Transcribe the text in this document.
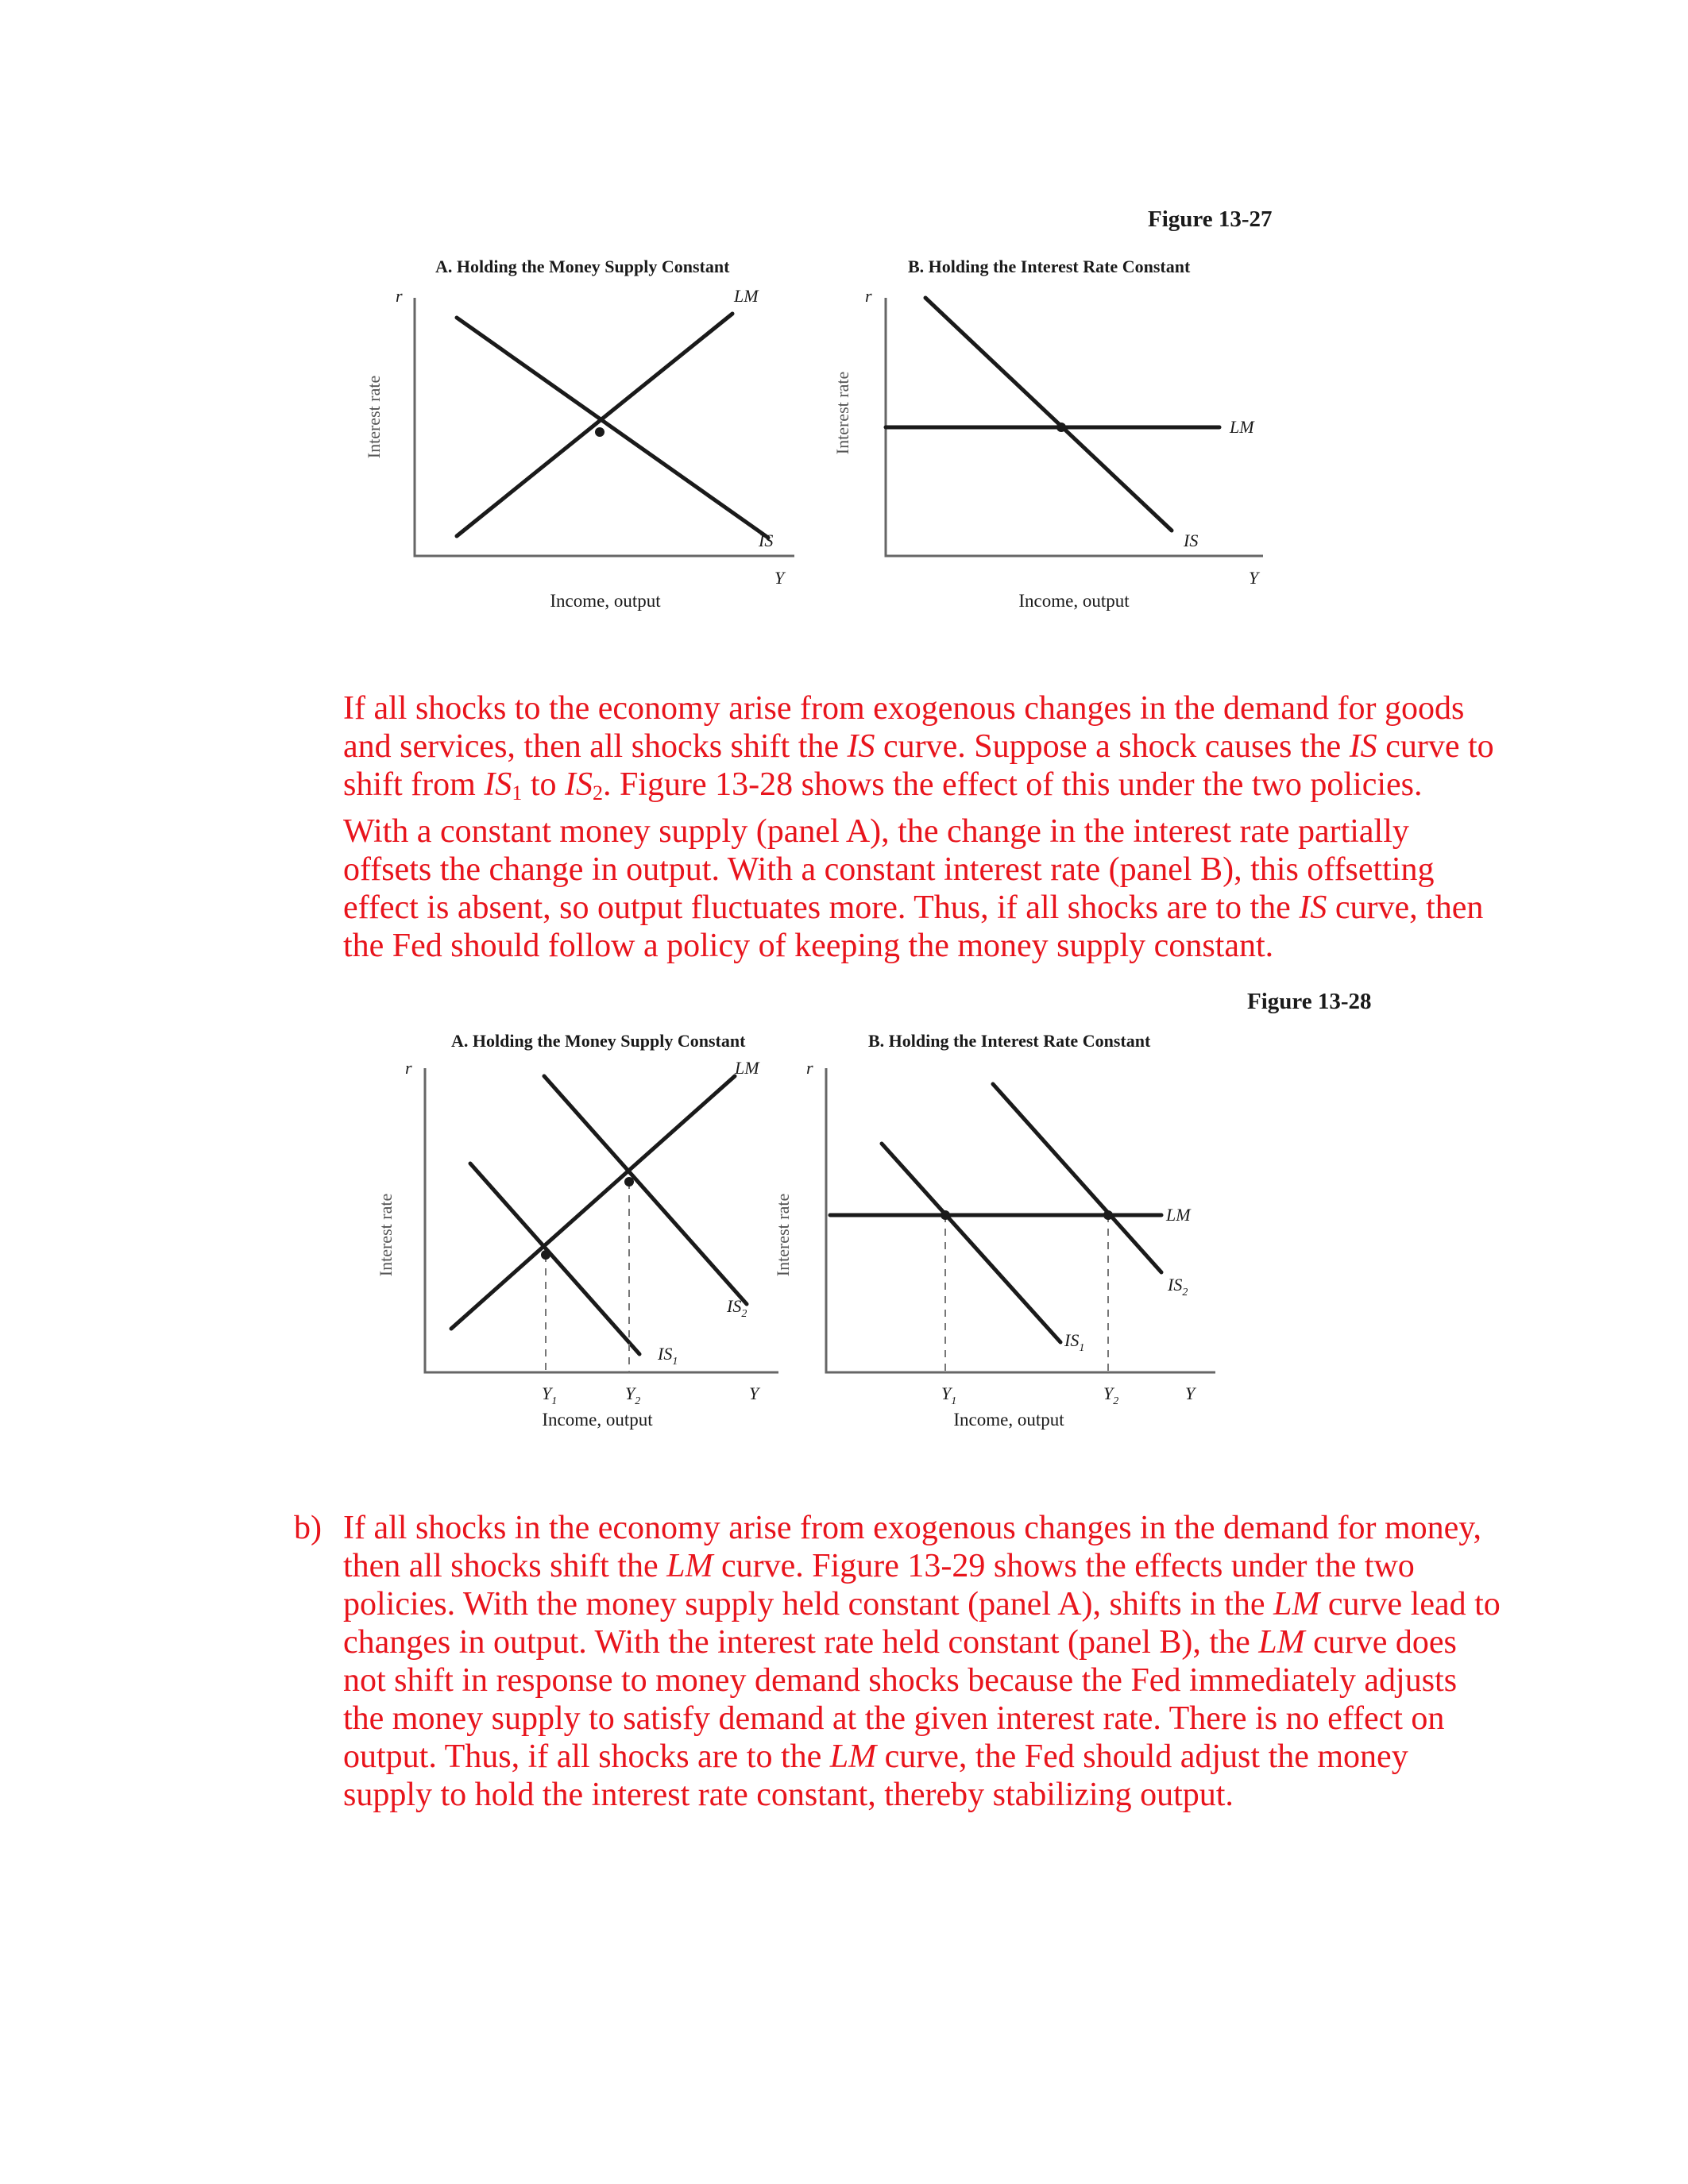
Figure 13-27
A. Holding the Money Supply Constant
Interest rate
r	LM
IS
Y
Income, output
B. Holding the Interest Rate Constant
Interest rate
r
LM
IS
Y
Income, output

If all shocks to the economy arise from exogenous changes in the demand for goods and services, then all shocks shift the IS curve. Suppose a shock causes the IS curve to shift from $IS_1$ to $IS_2$. Figure 13-28 shows the effect of this under the two policies. With a constant money supply (panel A), the change in the interest rate partially offsets the change in output. With a constant interest rate (panel B), this offsetting effect is absent, so output fluctuates more. Thus, if all shocks are to the IS curve, then the Fed should follow a policy of keeping the money supply constant.

Figure 13-28
A. Holding the Money Supply Constant
Interest rate
r	LM
$IS_1$
$IS_2$
$Y_1$	$Y_2$	Y
Income, output
B. Holding the Interest Rate Constant
Interest rate
r
LM
$IS_1$
$IS_2$
$Y_1$	$Y_2$	Y
Income, output
b) If all shocks in the economy arise from exogenous changes in the demand for money, then all shocks shift the LM curve. Figure 13-29 shows the effects under the two policies. With the money supply held constant (panel A), shifts in the LM curve lead to changes in output. With the interest rate held constant (panel B), the LM curve does not shift in response to money demand shocks because the Fed immediately adjusts the money supply to satisfy demand at the given interest rate. There is no effect on output. Thus, if all shocks are to the LM curve, the Fed should adjust the money supply to hold the interest rate constant, thereby stabilizing output.
